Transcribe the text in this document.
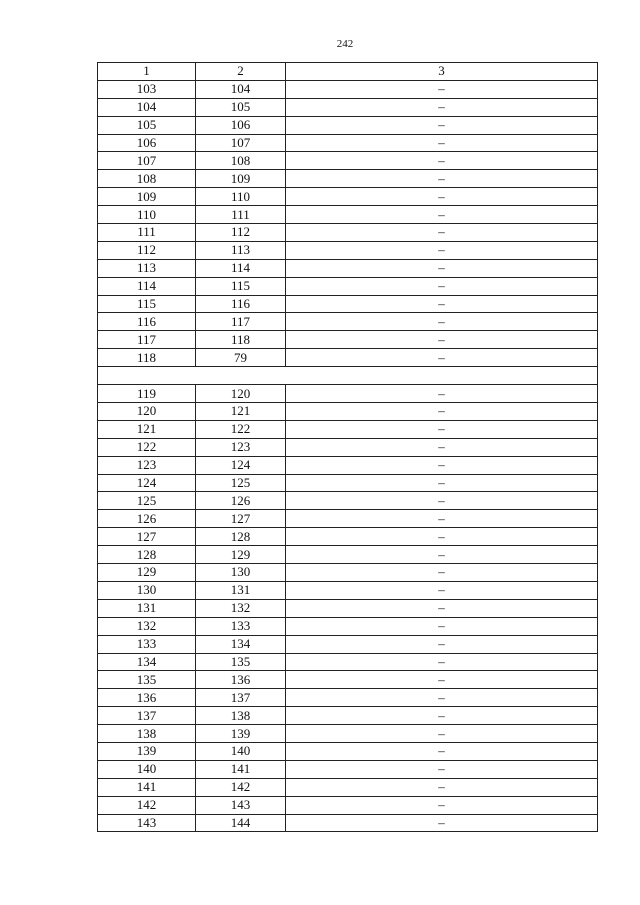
242
1	2	3
103	104	–
104	105	–
105	106	–
106	107	–
107	108	–
108	109	–
109	110	–
110	111	–
111	112	–
112	113	–
113	114	–
114	115	–
115	116	–
116	117	–
117	118	–
118	79	–

119	120	–
120	121	–
121	122	–
122	123	–
123	124	–
124	125	–
125	126	–
126	127	–
127	128	–
128	129	–
129	130	–
130	131	–
131	132	–
132	133	–
133	134	–
134	135	–
135	136	–
136	137	–
137	138	–
138	139	–
139	140	–
140	141	–
141	142	–
142	143	–
143	144	–
